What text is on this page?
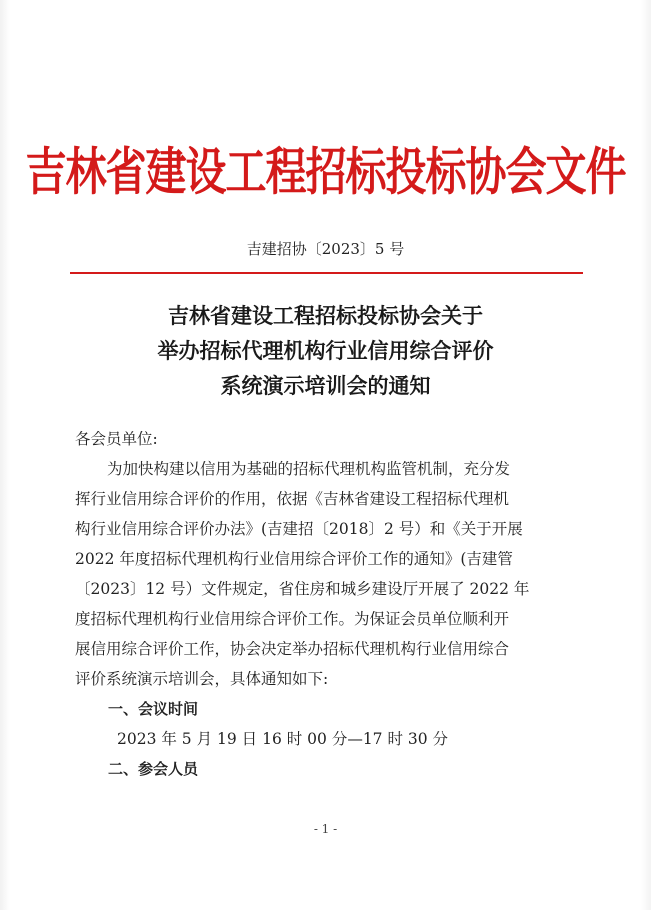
吉林省建设工程招标投标协会文件
吉建招协〔2023〕5 号
吉林省建设工程招标投标协会关于
举办招标代理机构行业信用综合评价
系统演示培训会的通知
各会员单位:
为加快构建以信用为基础的招标代理机构监管机制，充分发
挥行业信用综合评价的作用，依据《吉林省建设工程招标代理机
构行业信用综合评价办法》(吉建招〔2018〕2 号）和《关于开展
2022 年度招标代理机构行业信用综合评价工作的通知》(吉建管
〔2023〕12 号）文件规定，省住房和城乡建设厅开展了 2022 年
度招标代理机构行业信用综合评价工作。为保证会员单位顺利开
展信用综合评价工作，协会决定举办招标代理机构行业信用综合
评价系统演示培训会，具体通知如下:
一、会议时间
2023 年 5 月 19 日 16 时 00 分—17 时 30 分
二、参会人员
- 1 -
